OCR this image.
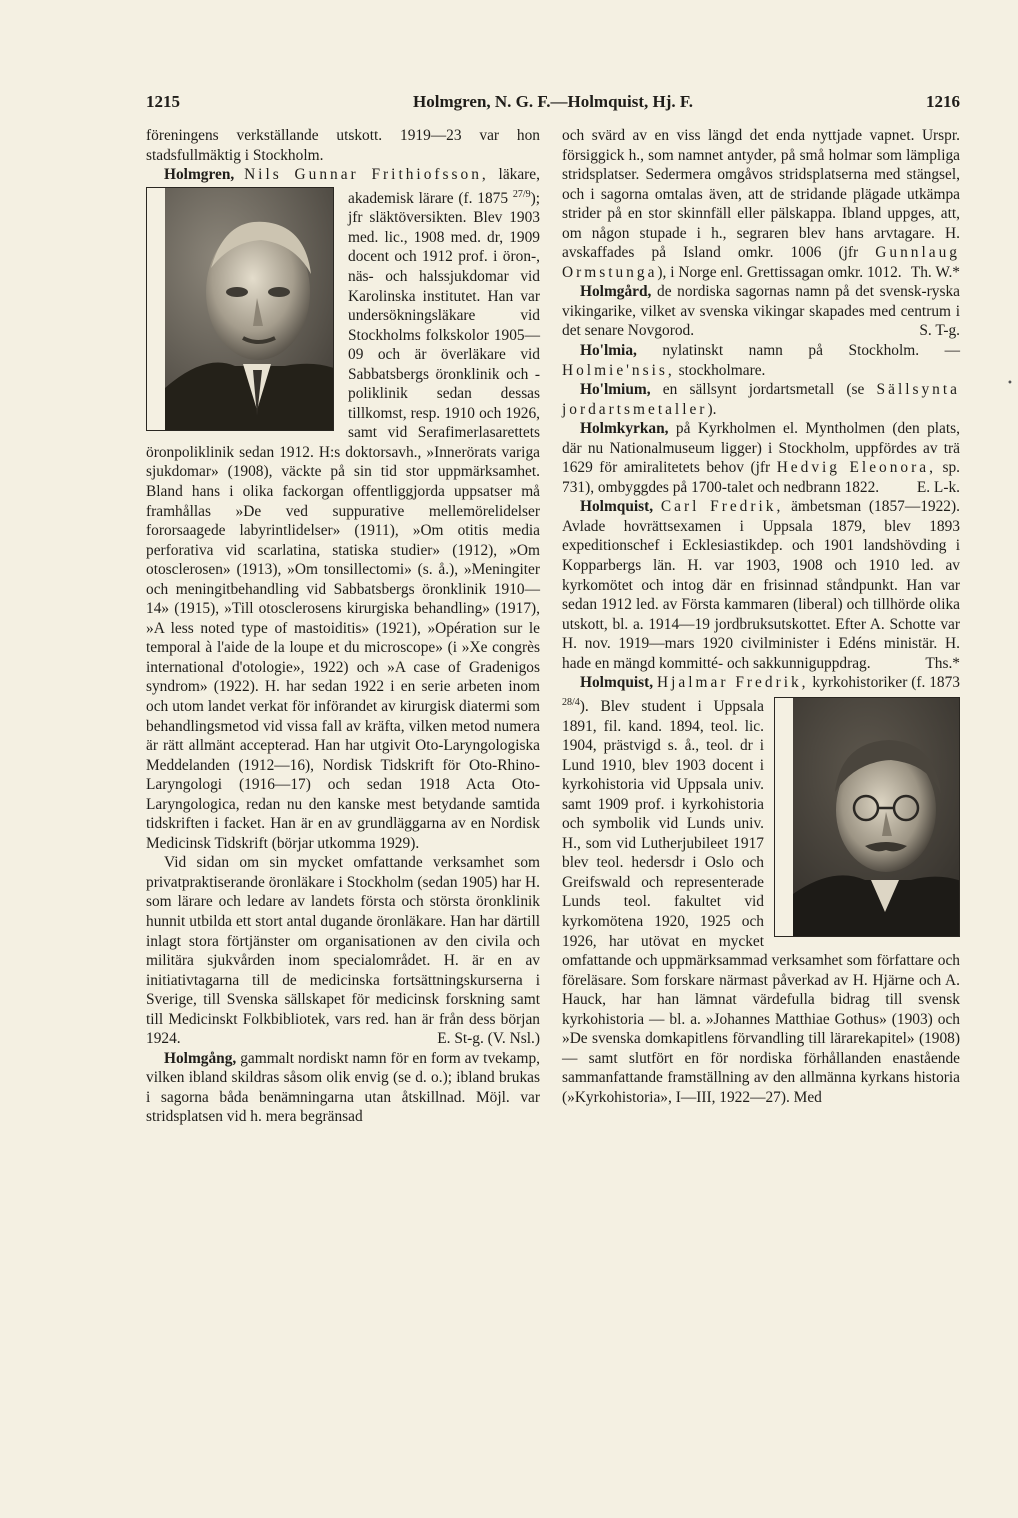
1215	Holmgren, N. G. F.—Holmquist, Hj. F.	1216

föreningens verkställande utskott. 1919—23 var hon stadsfullmäktig i Stockholm.

Holmgren, Nils Gunnar Frithiofsson, läkare, akademisk lärare (f. 1875 $^{27/9}$
); jfr släktöversikten. Blev 1903 med. lic., 1908 med. dr, 1909 docent och 1912 prof. i öron-, näs- och halssjukdomar vid Karolinska institutet. Han var undersökningsläkare vid Stockholms folkskolor 1905—09 och är överläkare vid Sabbatsbergs öronklinik och -poliklinik sedan dessas tillkomst, resp. 1910 och 1926, samt vid Serafimerlasarettets öronpoliklinik sedan 1912. H:s doktorsavh., »Innerörats variga sjukdomar» (1908), väckte på sin tid stor uppmärksamhet. Bland hans i olika fackorgan offentliggjorda uppsatser må framhållas »De ved suppurative mellemörelidelser fororsaagede labyrintlidelser» (1911), »Om otitis media perforativa vid scarlatina, statiska studier» (1912), »Om otosclerosen» (1913), »Om tonsillectomi» (s. å.), »Meningiter och meningitbehandling vid Sabbatsbergs öronklinik 1910—14» (1915), »Till otosclerosens kirurgiska behandling» (1917), »A less noted type of mastoiditis» (1921), »Opération sur le temporal à l'aide de la loupe et du microscope» (i »Xe congrès international d'otologie», 1922) och »A case of Gradenigos syndrom» (1922). H. har sedan 1922 i en serie arbeten inom och utom landet verkat för införandet av kirurgisk diatermi som behandlingsmetod vid vissa fall av kräfta, vilken metod numera är rätt allmänt accepterad. Han har utgivit Oto-Laryngologiska Meddelanden (1912—16), Nordisk Tidskrift för Oto-Rhino-Laryngologi (1916—17) och sedan 1918 Acta Oto-Laryngologica, redan nu den kanske mest betydande samtida tidskriften i facket. Han är en av grundläggarna av en Nordisk Medicinsk Tidskrift (börjar utkomma 1929).

Vid sidan om sin mycket omfattande verksamhet som privatpraktiserande öronläkare i Stockholm (sedan 1905) har H. som lärare och ledare av landets första och största öronklinik hunnit utbilda ett stort antal dugande öronläkare. Han har därtill inlagt stora förtjänster om organisationen av den civila och militära sjukvården inom specialområdet. H. är en av initiativtagarna till de medicinska fortsättningskurserna i Sverige, till Svenska sällskapet för medicinsk forskning samt till Medicinskt Folkbibliotek, vars red. han är från dess början 1924.	E. St-g. (V. Nsl.)

Holmgång, gammalt nordiskt namn för en form av tvekamp, vilken ibland skildras såsom olik envig (se d. o.); ibland brukas i sagorna båda benämningarna utan åtskillnad. Möjl. var stridsplatsen vid h. mera begränsad

och svärd av en viss längd det enda nyttjade vapnet. Urspr. försiggick h., som namnet antyder, på små holmar som lämpliga stridsplatser. Sedermera omgåvos stridsplatserna med stängsel, och i sagorna omtalas även, att de stridande plägade utkämpa strider på en stor skinnfäll eller pälskappa. Ibland uppges, att, om någon stupade i h., segraren blev hans arvtagare. H. avskaffades på Island omkr. 1006 (jfr Gunnlaug Ormstunga), i Norge enl. Grettissagan omkr. 1012. Th. W.*

Holmgård, de nordiska sagornas namn på det svensk-ryska vikingarike, vilket av svenska vikingar skapades med centrum i det senare Novgorod.	S. T-g.

Ho'lmia, nylatinskt namn på Stockholm. — Holmie'nsis, stockholmare.

Ho'lmium, en sällsynt jordartsmetall (se Sällsynta jordartsmetaller).

Holmkyrkan, på Kyrkholmen el. Myntholmen (den plats, där nu Nationalmuseum ligger) i Stockholm, uppfördes av trä 1629 för amiralitetets behov (jfr Hedvig Eleonora, sp. 731), ombyggdes på 1700-talet och nedbrann 1822.	E. L-k.

Holmquist, Carl Fredrik, ämbetsman (1857—1922). Avlade hovrättsexamen i Uppsala 1879, blev 1893 expeditionschef i Ecklesiastikdep. och 1901 landshövding i Kopparbergs län. H. var 1903, 1908 och 1910 led. av kyrkomötet och intog där en frisinnad ståndpunkt. Han var sedan 1912 led. av Första kammaren (liberal) och tillhörde olika utskott, bl. a. 1914—19 jordbruksutskottet. Efter A. Schotte var H. nov. 1919—mars 1920 civilminister i Edéns ministär. H. hade en mängd kommitté- och sakkunniguppdrag.	Ths.*

Holmquist, Hjalmar Fredrik, kyrkohistoriker (f. 1873 $^{28/4}$
). Blev student i Uppsala 1891, fil. kand. 1894, teol. lic. 1904, prästvigd s. å., teol. dr i Lund 1910, blev 1903 docent i kyrkohistoria vid Uppsala univ. samt 1909 prof. i kyrkohistoria och symbolik vid Lunds univ. H., som vid Lutherjubileet 1917 blev teol. hedersdr i Oslo och Greifswald och representerade Lunds teol. fakultet vid kyrkomötena 1920, 1925 och 1926, har utövat en mycket omfattande och uppmärksammad verksamhet som författare och föreläsare. Som forskare närmast påverkad av H. Hjärne och A. Hauck, har han lämnat värdefulla bidrag till svensk kyrkohistoria — bl. a. »Johannes Matthiae Gothus» (1903) och »De svenska domkapitlens förvandling till lärarekapitel» (1908) — samt slutfört en för nordiska förhållanden enastående sammanfattande framställning av den allmänna kyrkans historia (»Kyrkohistoria», I—III, 1922—27). Med

•
